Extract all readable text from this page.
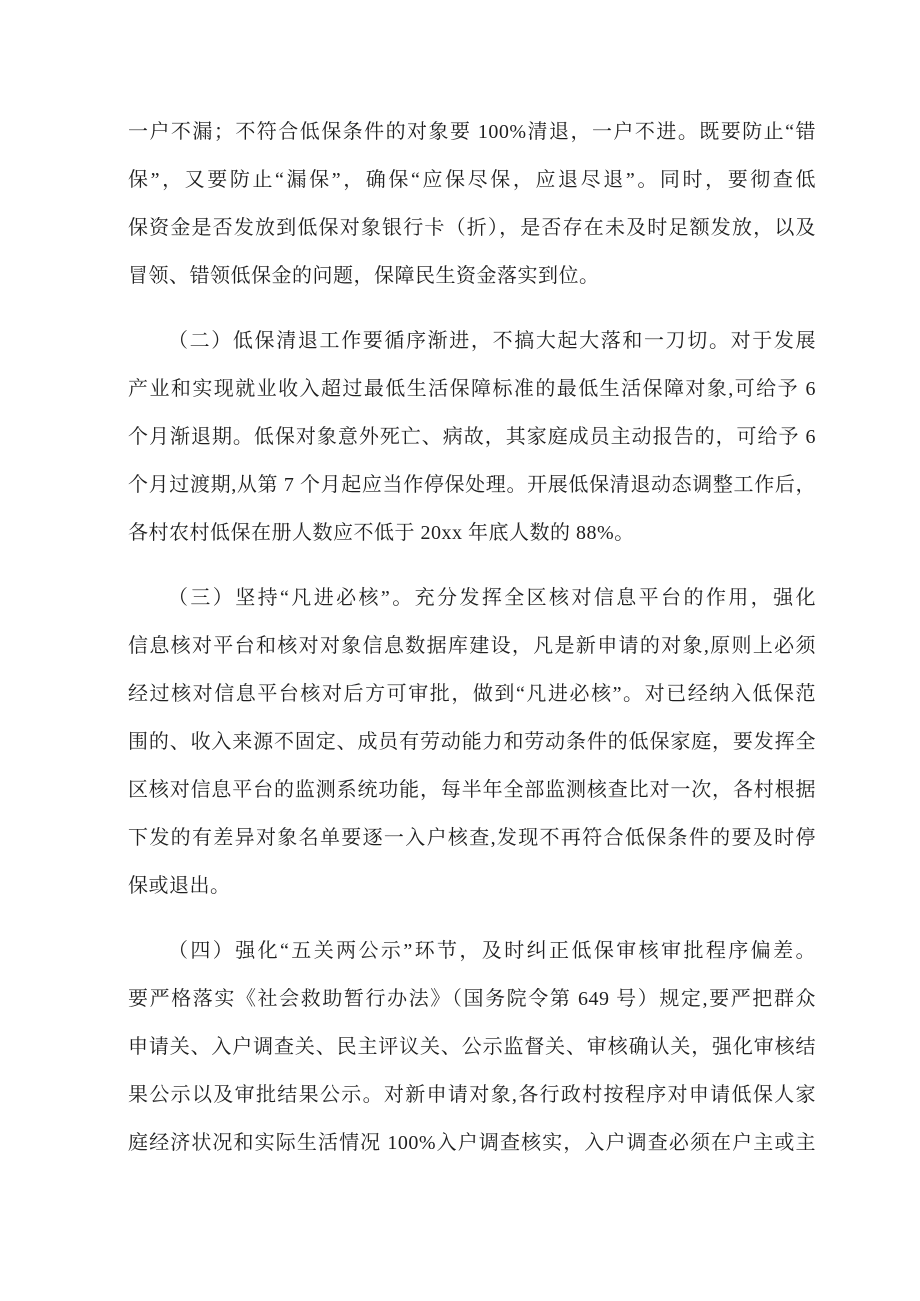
一户不漏；不符合低保条件的对象要 100%清退，一户不进。既要防止“错
保”，又要防止“漏保”，确保“应保尽保，应退尽退”。同时，要彻查低
保资金是否发放到低保对象银行卡（折），是否存在未及时足额发放，以及
冒领、错领低保金的问题，保障民生资金落实到位。
（二）低保清退工作要循序渐进，不搞大起大落和一刀切。对于发展
产业和实现就业收入超过最低生活保障标准的最低生活保障对象,可给予 6
个月渐退期。低保对象意外死亡、病故，其家庭成员主动报告的，可给予 6
个月过渡期,从第 7 个月起应当作停保处理。开展低保清退动态调整工作后，
各村农村低保在册人数应不低于 20xx 年底人数的 88%。
（三）坚持“凡进必核”。充分发挥全区核对信息平台的作用，强化
信息核对平台和核对对象信息数据库建设，凡是新申请的对象,原则上必须
经过核对信息平台核对后方可审批，做到“凡进必核”。对已经纳入低保范
围的、收入来源不固定、成员有劳动能力和劳动条件的低保家庭，要发挥全
区核对信息平台的监测系统功能，每半年全部监测核查比对一次，各村根据
下发的有差异对象名单要逐一入户核查,发现不再符合低保条件的要及时停
保或退出。
（四）强化“五关两公示”环节，及时纠正低保审核审批程序偏差。
要严格落实《社会救助暂行办法》（国务院令第 649 号）规定,要严把群众
申请关、入户调查关、民主评议关、公示监督关、审核确认关，强化审核结
果公示以及审批结果公示。对新申请对象,各行政村按程序对申请低保人家
庭经济状况和实际生活情况 100%入户调查核实，入户调查必须在户主或主
